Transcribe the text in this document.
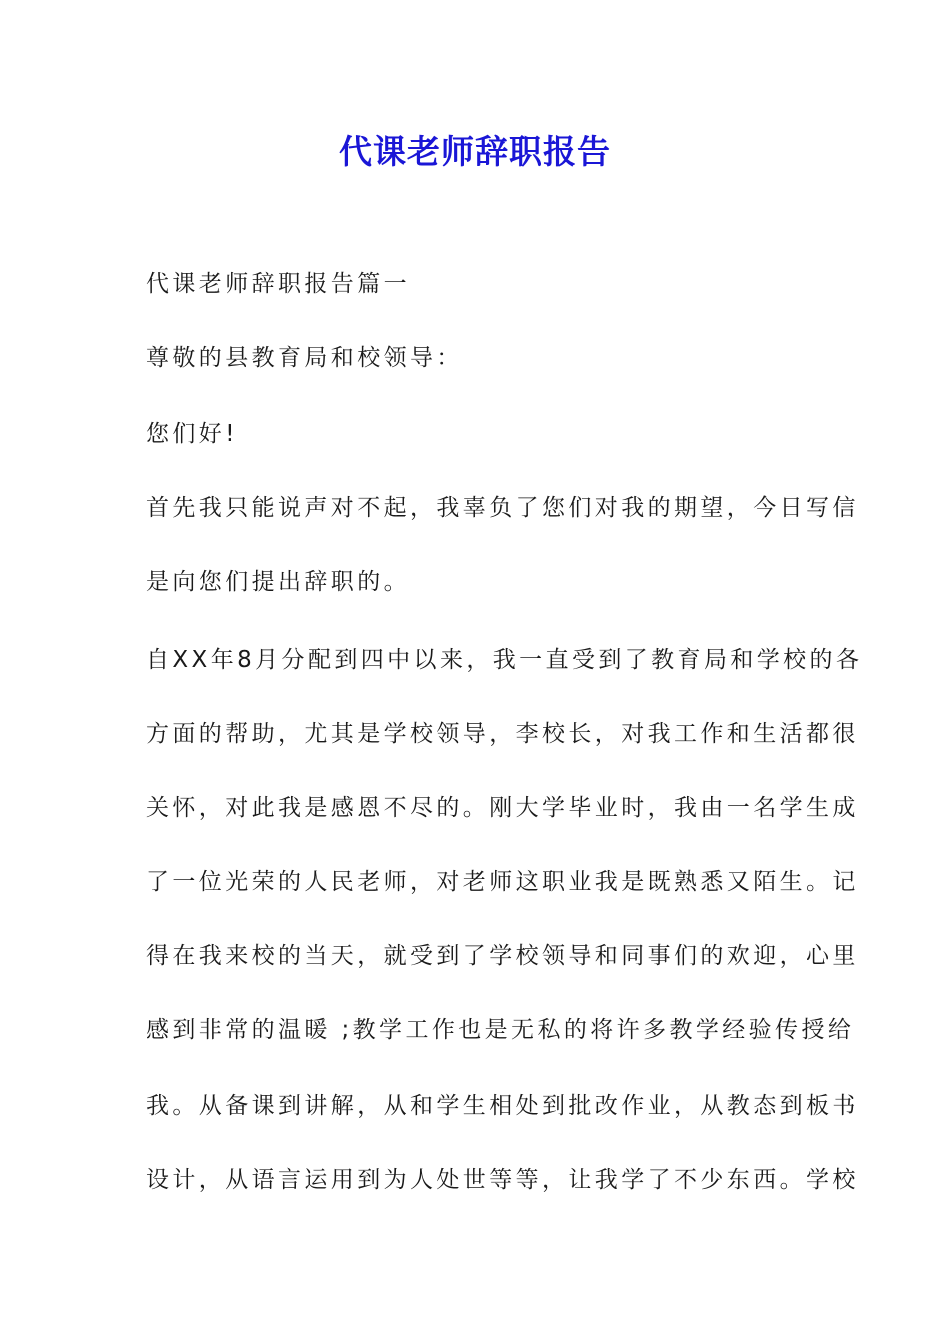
代课老师辞职报告

代课老师辞职报告篇一

尊敬的县教育局和校领导：

您们好!

首先我只能说声对不起，我辜负了您们对我的期望，今日写信

是向您们提出辞职的。

自XX年8月分配到四中以来，我一直受到了教育局和学校的各

方面的帮助，尤其是学校领导，李校长，对我工作和生活都很

关怀，对此我是感恩不尽的。刚大学毕业时，我由一名学生成

了一位光荣的人民老师，对老师这职业我是既熟悉又陌生。记

得在我来校的当天，就受到了学校领导和同事们的欢迎，心里

感到非常的温暖 ;教学工作也是无私的将许多教学经验传授给

我。从备课到讲解，从和学生相处到批改作业，从教态到板书

设计，从语言运用到为人处世等等，让我学了不少东西。学校
